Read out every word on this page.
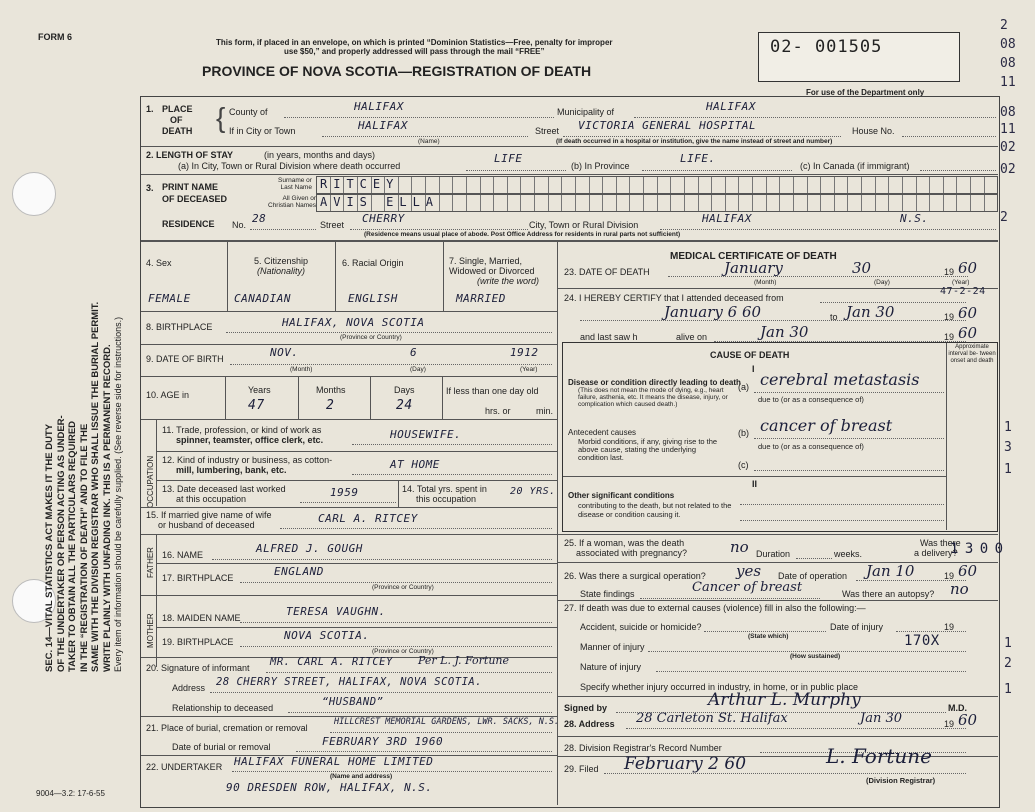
FORM 6
9004—3.2: 17-6-55
SEC. 14—VITAL STATISTICS ACT MAKES IT THE DUTY OF THE UNDERTAKER OR PERSON ACTING AS UNDER- TAKER TO OBTAIN ALL THE PARTICULARS REQUIRED IN THE “REGISTRATION OF DEATH” AND TO FILE THE SAME WITH THE DIVISION REGISTRAR WHO SHALL ISSUE THE BURIAL PERMIT. WRITE PLAINLY WITH UNFADING INK. THIS IS A PERMANENT RECORD. Every item of information should be carefully supplied. (See reverse side for instructions.)
This form, if placed in an envelope, on which is printed “Dominion Statistics—Free, penalty for improper
use $50,” and properly addressed will pass through the mail “FREE”
PROVINCE OF NOVA SCOTIA—REGISTRATION OF DEATH
02- 001505
For use of the Department only
2
08
08
11
08
11
02
02
2
1
3
1
1
2
1
1. PLACE
OF
DEATH { County of	HALIFAX	Municipality of	HALIFAX
If in City or Town	HALIFAX
(Name)
Street VICTORIA GENERAL HOSPITAL	House No.
(If death occurred in a hospital or institution, give the name instead of street and number)
2. LENGTH OF STAY	(in years, months and days)
(a) In City, Town or Rural Division where death occurred
LIFE
(b) In Province
LIFE.
(c) In Canada (if immigrant)
3. PRINT NAME
OF DECEASED
Surname or
Last Name RITCEY
All Given or
Christian Names AVIS ELLA
RESIDENCE No. 28	Street CHERRY	City, Town or Rural Division	HALIFAX	N.S.
(Residence means usual place of abode. Post Office Address for residents in rural parts not sufficient)
4. Sex	5. Citizenship
(Nationality)
6. Racial Origin	7. Single, Married,
Widowed or Divorced
(write the word)
FEMALE	CANADIAN	ENGLISH	MARRIED
8. BIRTHPLACE	HALIFAX, NOVA SCOTIA
(Province or Country)
9. DATE OF BIRTH	NOV.	6	1912
(Month)	(Day)	(Year)
10. AGE in	Years	Months	Days
47	2	24
If less than one day old
hrs. or	min.
OCCUPATION
11. Trade, profession, or kind of work as
spinner, teamster, office clerk, etc.	HOUSEWIFE.
12. Kind of industry or business, as cotton-
mill, lumbering, bank, etc.	AT HOME
13. Date deceased last worked
at this occupation	1959	14. Total yrs. spent in
this occupation
20 YRS.
15. If married give name of wife
or husband of deceased	CARL A. RITCEY
FATHER 16. NAME	ALFRED J. GOUGH
17. BIRTHPLACE	ENGLAND
(Province or Country)
MOTHER 18. MAIDEN NAME	TERESA VAUGHN.
19. BIRTHPLACE	NOVA SCOTIA.
(Province or Country)
20. Signature of informant MR. CARL A. RITCEY Per L. J. Fortune
Address 28 CHERRY STREET, HALIFAX, NOVA SCOTIA.
Relationship to deceased	“HUSBAND”
21. Place of burial, cremation or removal
HILLCREST MEMORIAL GARDENS, LWR. SACKS, N.S.
Date of burial or removal	FEBRUARY 3RD 1960
22. UNDERTAKER HALIFAX FUNERAL HOME LIMITED
(Name and address)
90 DRESDEN ROW, HALIFAX, N.S.
MEDICAL CERTIFICATE OF DEATH
23. DATE OF DEATH	January	30	19 60
(Month)	(Day)	(Year)
24. I HEREBY CERTIFY that I attended deceased from
47-2-24
January 6 60	to Jan 30	19 60
and last saw h	alive on	Jan 30	19 60
CAUSE OF DEATH
Approximate interval be- tween onset and death
I
Disease or condition directly leading to death
(This does not mean the mode of dying, e.g., heart failure, asthenia, etc. It means the disease, injury, or complication which caused death.)
(a) cerebral metastasis
due to (or as a consequence of)
Antecedent causes
Morbid conditions, if any, giving rise to the above cause, stating the underlying condition last.
(b) cancer of breast
due to (or as a consequence of)
(c)
II
Other significant conditions
contributing to the death, but not related to the disease or condition causing it.
25. If a woman, was the death
associated with pregnancy?	no Duration	weeks.
Was there
a delivery?
1 3 0 0
26. Was there a surgical operation? yes Date of operation Jan 10	19 60
State findings	Cancer of breast	Was there an autopsy? no
27. If death was due to external causes (violence) fill in also the following:—
Accident, suicide or homicide?	Date of injury	19
(State which)
Manner of injury	170X
(How sustained)
Nature of injury
Specify whether injury occurred in industry, in home, or in public place
Signed by	Arthur L. Murphy	M.D.
28. Address 28 Carleton St. Halifax	Jan 30	19 60
28. Division Registrar's Record Number
29. Filed February 2 60	L. Fortune
(Division Registrar)
